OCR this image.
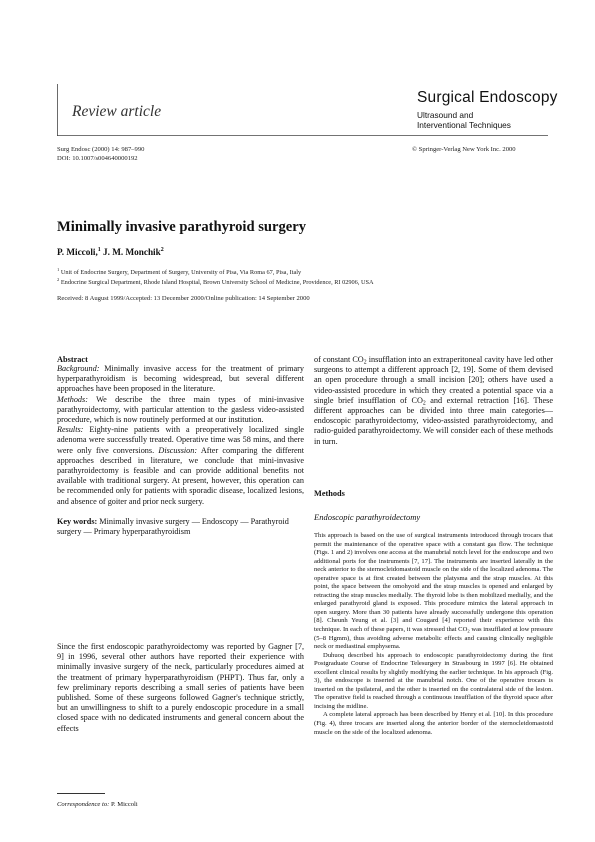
Review article
Surgical Endoscopy
Ultrasound and
Interventional Techniques
Surg Endosc (2000) 14: 987–990
DOI: 10.1007/s004640000192
© Springer-Verlag New York Inc. 2000
Minimally invasive parathyroid surgery
P. Miccoli,$^1$ J. M. Monchik$^2$
$^1$ Unit of Endocrine Surgery, Department of Surgery, University of Pisa, Via Roma 67, Pisa, Italy
$^2$ Endocrine Surgical Department, Rhode Island Hospital, Brown University School of Medicine, Providence, RI 02906, USA
Received: 8 August 1999/Accepted: 13 December 2000/Online publication: 14 September 2000
Abstract
Background: Minimally invasive access for the treatment of primary hyperparathyroidism is becoming widespread, but several different approaches have been proposed in the literature.
Methods: We describe the three main types of mini-invasive parathyroidectomy, with particular attention to the gasless video-assisted procedure, which is now routinely performed at our institution.
Results: Eighty-nine patients with a preoperatively localized single adenoma were successfully treated. Operative time was 58 mins, and there were only five conversions. Discussion: After comparing the different approaches described in literature, we conclude that mini-invasive parathyroidectomy is feasible and can provide additional benefits not available with traditional surgery. At present, however, this operation can be recommended only for patients with sporadic disease, localized lesions, and absence of goiter and prior neck surgery.
Key words: Minimally invasive surgery — Endoscopy — Parathyroid surgery — Primary hyperparathyroidism
Since the first endoscopic parathyroidectomy was reported by Gagner [7, 9] in 1996, several other authors have reported their experience with minimally invasive surgery of the neck, particularly procedures aimed at the treatment of primary hyperparathyroidism (PHPT). Thus far, only a few preliminary reports describing a small series of patients have been published. Some of these surgeons followed Gagner's technique strictly, but an unwillingness to shift to a purely endoscopic procedure in a small closed space with no dedicated instruments and general concern about the effects
Correspondence to: P. Miccoli
of constant $CO_2$ insufflation into an extraperitoneal cavity have led other surgeons to attempt a different approach [2, 19]. Some of them devised an open procedure through a small incision [20]; others have used a video-assisted procedure in which they created a potential space via a single brief insufflation of $CO_2$ and external retraction [16]. These different approaches can be divided into three main categories—endoscopic parathyroidectomy, video-assisted parathyroidectomy, and radio-guided parathyroidectomy. We will consider each of these methods in turn.
Methods
Endoscopic parathyroidectomy

This approach is based on the use of surgical instruments introduced through trocars that permit the maintenance of the operative space with a constant gas flow. The technique (Figs. 1 and 2) involves one access at the manubrial notch level for the endoscope and two additional ports for the instruments [7, 17]. The instruments are inserted laterally in the neck anterior to the sternocleidomastoid muscle on the side of the localized adenoma. The operative space is at first created between the platysma and the strap muscles. At this point, the space between the omohyoid and the strap muscles is opened and enlarged by retracting the strap muscles medially. The thyroid lobe is then mobilized medially, and the enlarged parathyroid gland is exposed. This procedure mimics the lateral approach in open surgery. More than 30 patients have already successfully undergone this operation [8]. Cheunh Yeung et al. [3] and Cougard [4] reported their experience with this technique. In each of these papers, it was stressed that $CO_2$ was insufflated at low pressure (5–8 Hgmm), thus avoiding adverse metabolic effects and causing clinically negligible neck or mediastinal emphysema.

Duhuoq described his approach to endoscopic parathyroidectomy during the first Postgraduate Course of Endocrine Telesurgery in Strasbourg in 1997 [6]. He obtained excellent clinical results by slightly modifying the earlier technique. In his approach (Fig. 3), the endoscope is inserted at the manubrial notch. One of the operative trocars is inserted on the ipsilateral, and the other is inserted on the contralateral side of the lesion. The operative field is reached through a continuous insufflation of the thyroid space after incising the midline.

A complete lateral approach has been described by Henry et al. [10]. In this procedure (Fig. 4), three trocars are inserted along the anterior border of the sternocleidomastoid muscle on the side of the localized adenoma.
